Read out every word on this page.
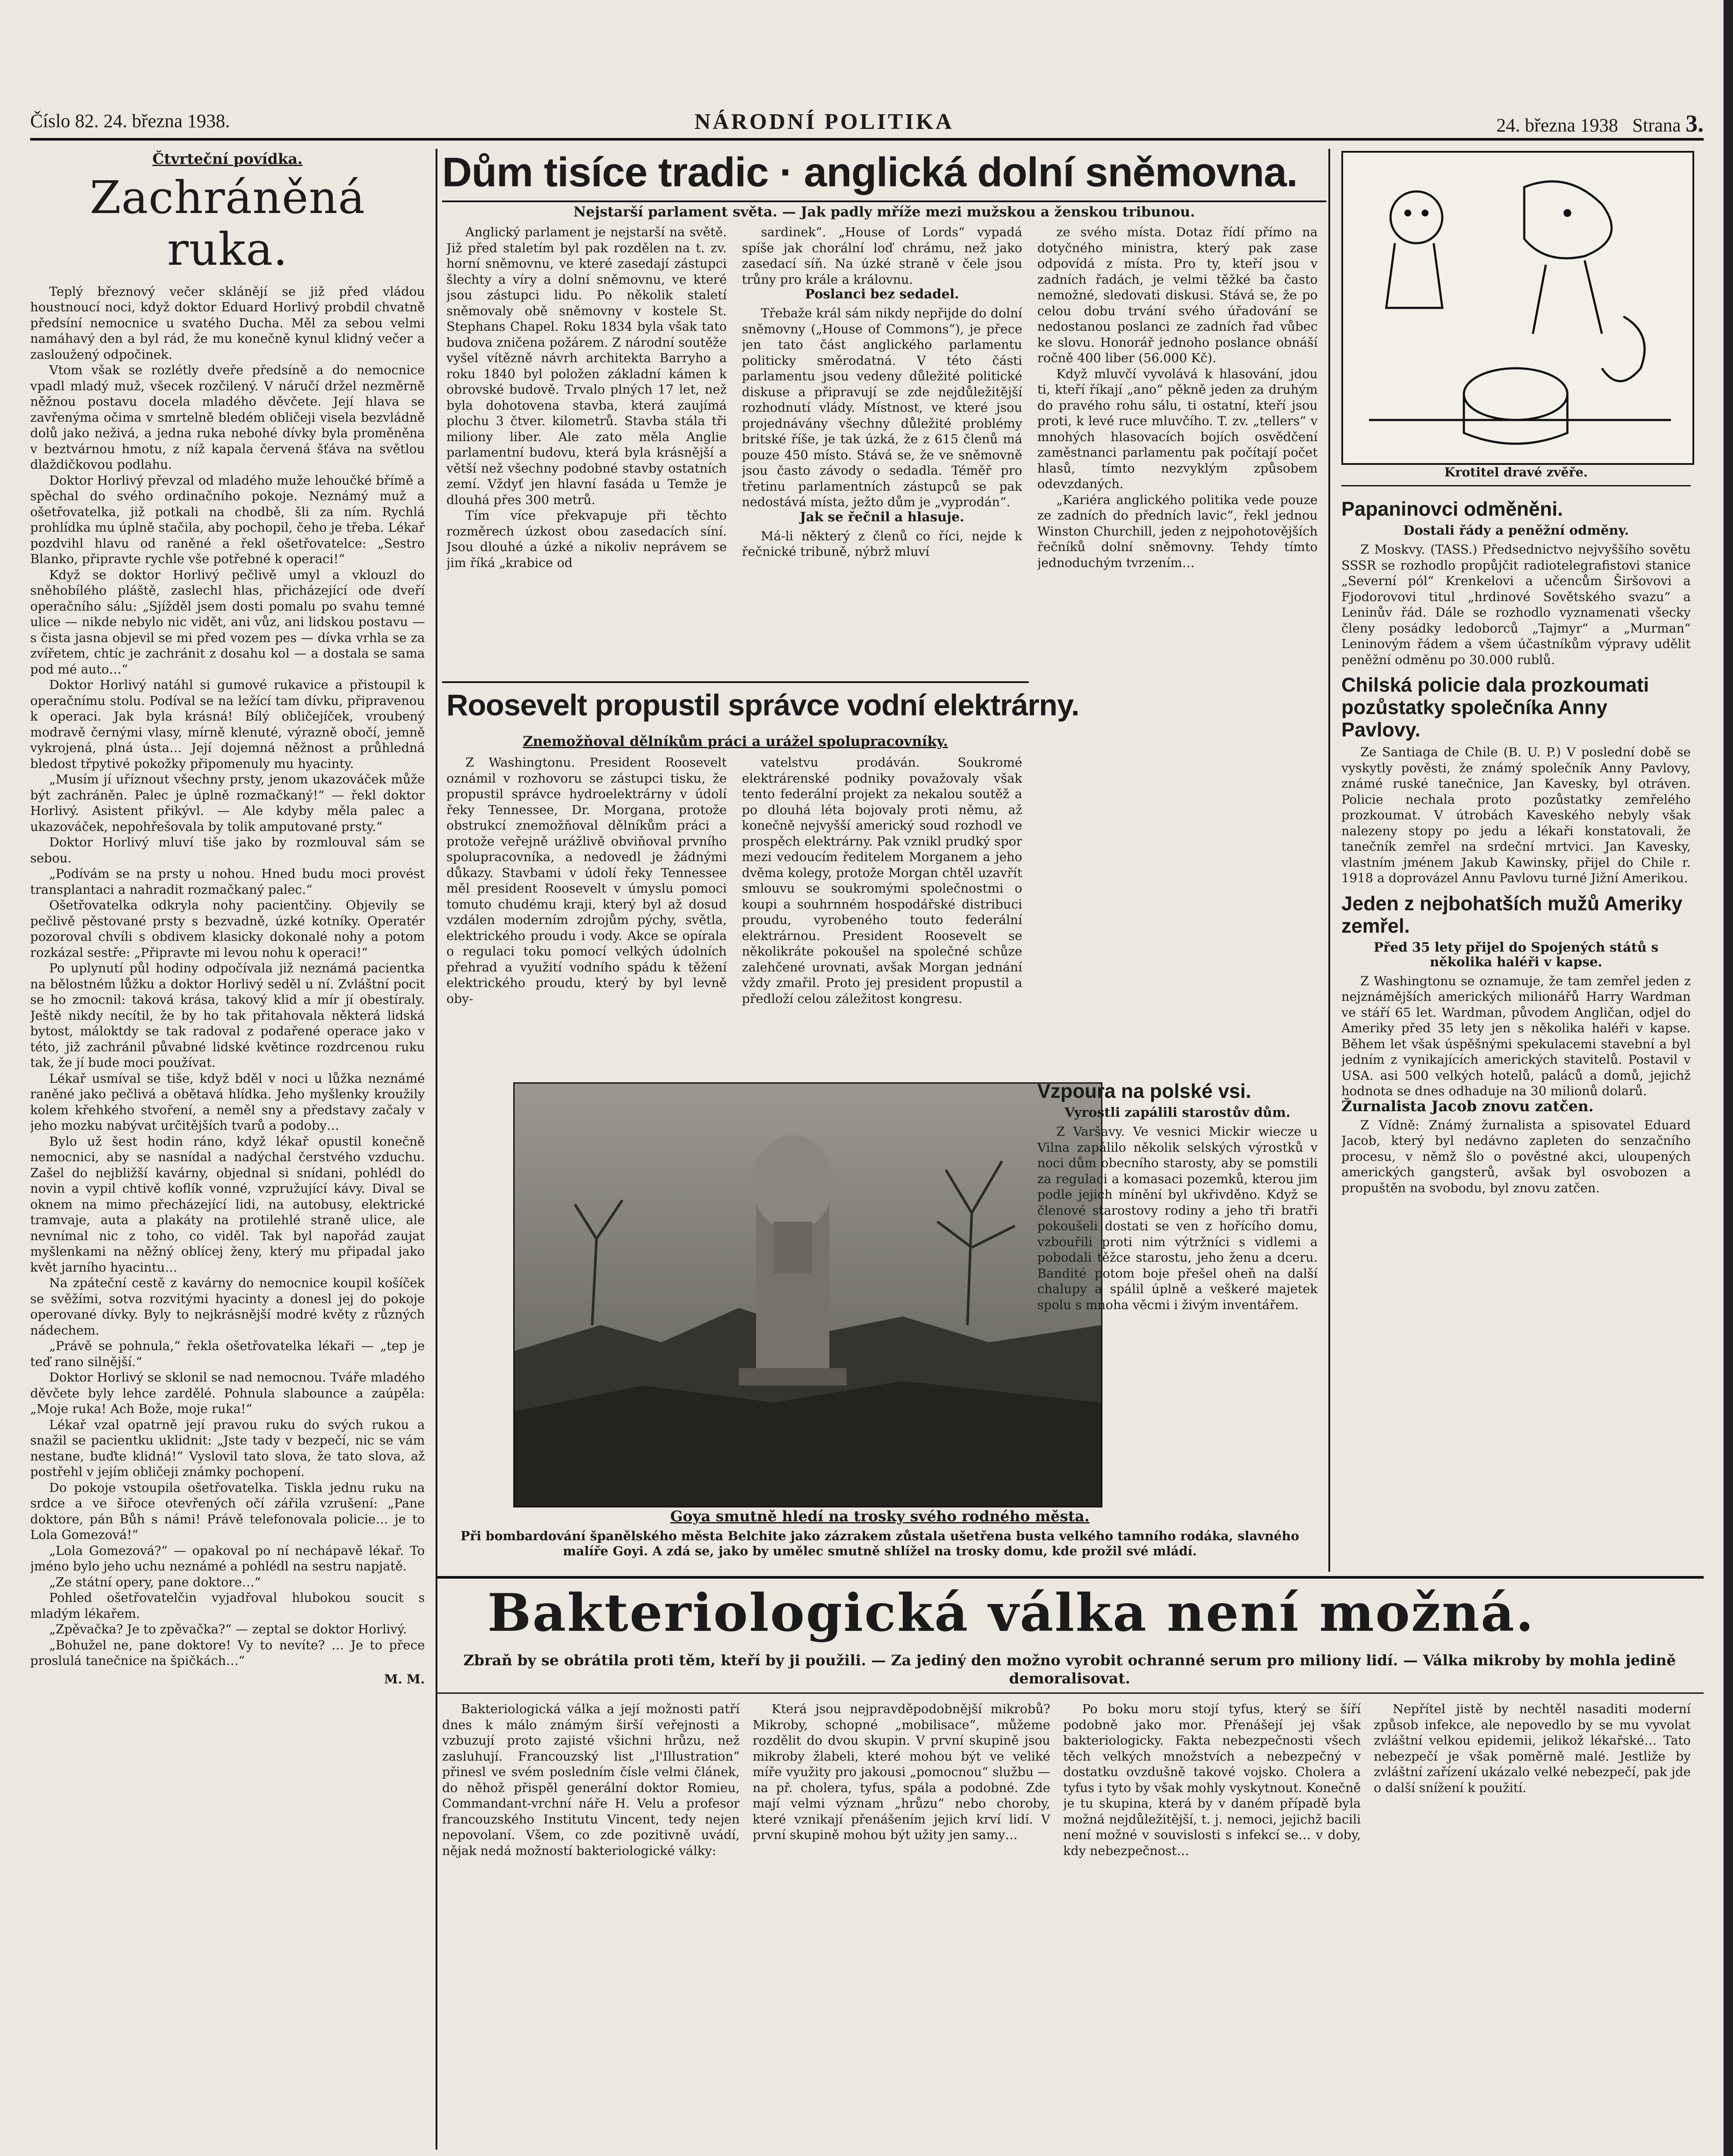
Číslo 82. 24. března 1938.	NÁRODNÍ POLITIKA	24. března 1938 Strana 3.
Čtvrteční povídka.
Zachráněná ruka.

Teplý březnový večer sklánějí se již před vládou houstnoucí noci, když doktor Eduard Horlivý probdil chvatně předsíní nemocnice u svatého Ducha. Měl za sebou velmi namáhavý den a byl rád, že mu konečně kynul klidný večer a zasloužený odpočinek.

Vtom však se rozlétly dveře předsíně a do nemocnice vpadl mladý muž, všecek rozčilený. V náručí držel nezměrně něžnou postavu docela mladého děvčete. Její hlava se zavřenýma očima v smrtelně bledém obličeji visela bezvládně dolů jako neživá, a jedna ruka nebohé dívky byla proměněna v beztvárnou hmotu, z níž kapala červená šťáva na světlou dlaždičkovou podlahu.

Doktor Horlivý převzal od mladého muže lehoučké břímě a spěchal do svého ordinačního pokoje. Neznámý muž a ošetřovatelka, již potkali na chodbě, šli za ním. Rychlá prohlídka mu úplně stačila, aby pochopil, čeho je třeba. Lékař pozdvihl hlavu od raněné a řekl ošetřovatelce: „Sestro Blanko, připravte rychle vše potřebné k operaci!“

Když se doktor Horlivý pečlivě umyl a vklouzl do sněhobílého pláště, zaslechl hlas, přicházející ode dveří operačního sálu: „Sjížděl jsem dosti pomalu po svahu temné ulice — nikde nebylo nic vidět, ani vůz, ani lidskou postavu — s čista jasna objevil se mi před vozem pes — dívka vrhla se za zvířetem, chtíc je zachránit z dosahu kol — a dostala se sama pod mé auto…“

Doktor Horlivý natáhl si gumové rukavice a přistoupil k operačnímu stolu. Podíval se na ležící tam dívku, připravenou k operaci. Jak byla krásná! Bílý obličejíček, vroubený modravě černými vlasy, mírně klenuté, výrazně obočí, jemně vykrojená, plná ústa… Její dojemná něžnost a průhledná bledost třpytivé pokožky připomenuly mu hyacinty.

„Musím jí uříznout všechny prsty, jenom ukazováček může být zachráněn. Palec je úplně rozmačkaný!“ — řekl doktor Horlivý. Asistent přikývl. — Ale kdyby měla palec a ukazováček, nepohřešovala by tolik amputované prsty.“

Doktor Horlivý mluví tiše jako by rozmlouval sám se sebou.

„Podívám se na prsty u nohou. Hned budu moci provést transplantaci a nahradit rozmačkaný palec.“

Ošetřovatelka odkryla nohy pacientčiny. Objevily se pečlivě pěstované prsty s bezvadně, úzké kotníky. Operatér pozoroval chvíli s obdivem klasicky dokonalé nohy a potom rozkázal sestře: „Připravte mi levou nohu k operaci!“

Po uplynutí půl hodiny odpočívala již neznámá pacientka na bělostném lůžku a doktor Horlivý seděl u ní. Zvláštní pocit se ho zmocnil: taková krása, takový klid a mír jí obestíraly. Ještě nikdy necítil, že by ho tak přitahovala některá lidská bytost, máloktdy se tak radoval z podařené operace jako v této, již zachránil půvabné lidské květince rozdrcenou ruku tak, že jí bude moci používat.

Lékař usmíval se tiše, když bděl v noci u lůžka neznámé raněné jako pečlivá a obětavá hlídka. Jeho myšlenky kroužily kolem křehkého stvoření, a neměl sny a představy začaly v jeho mozku nabývat určitějších tvarů a podoby…

Bylo už šest hodin ráno, když lékař opustil konečně nemocnici, aby se nasnídal a nadýchal čerstvého vzduchu. Zašel do nejbližší kavárny, objednal si snídani, pohlédl do novin a vypil chtivě koflík vonné, vzpružující kávy. Dival se oknem na mimo přecházející lidi, na autobusy, elektrické tramvaje, auta a plakáty na protilehlé straně ulice, ale nevnímal nic z toho, co viděl. Tak byl napořád zaujat myšlenkami na něžný oblícej ženy, který mu připadal jako květ jarního hyacintu…

Na zpáteční cestě z kavárny do nemocnice koupil košíček se svěžími, sotva rozvitými hyacinty a donesl jej do pokoje operované dívky. Byly to nejkrásnější modré květy z různých nádechem.

„Právě se pohnula,“ řekla ošetřovatelka lékaři — „tep je teď rano silnější.“

Doktor Horlivý se sklonil se nad nemocnou. Tváře mladého děvčete byly lehce zardělé. Pohnula slabounce a zaúpěla: „Moje ruka! Ach Bože, moje ruka!“

Lékař vzal opatrně její pravou ruku do svých rukou a snažil se pacientku uklidnit: „Jste tady v bezpečí, nic se vám nestane, buďte klidná!“ Vyslovil tato slova, že tato slova, až postřehl v jejím obličeji známky pochopení.

Do pokoje vstoupila ošetřovatelka. Tiskla jednu ruku na srdce a ve šiřoce otevřených očí zářila vzrušení: „Pane doktore, pán Bůh s námi! Právě telefonovala policie… je to Lola Gomezová!“

„Lola Gomezová?“ — opakoval po ní nechápavě lékař. To jméno bylo jeho uchu neznámé a pohlédl na sestru napjatě.

„Ze státní opery, pane doktore…“

Pohled ošetřovatelčin vyjadřoval hlubokou soucit s mladým lékařem.

„Zpěvačka? Je to zpěvačka?“ — zeptal se doktor Horlivý.

„Bohužel ne, pane doktore! Vy to nevíte? … Je to přece proslulá tanečnice na špičkách…“

M. M.
Dům tisíce tradic · anglická dolní sněmovna.
Nejstarší parlament světa. — Jak padly mříže mezi mužskou a ženskou tribunou.

Anglický parlament je nejstarší na světě. Již před staletím byl pak rozdělen na t. zv. horní sněmovnu, ve které zasedají zástupci šlechty a víry a dolní sněmovnu, ve které jsou zástupci lidu. Po několik staletí sněmovaly obě sněmovny v kostele St. Stephans Chapel. Roku 1834 byla však tato budova zničena požárem. Z národní soutěže vyšel vítězně návrh architekta Barryho a roku 1840 byl položen základní kámen k obrovské budově. Trvalo plných 17 let, než byla dohotovena stavba, která zaujímá plochu 3 čtver. kilometrů. Stavba stála tři miliony liber. Ale zato měla Anglie parlamentní budovu, která byla krásnější a větší než všechny podobné stavby ostatních zemí. Vždyť jen hlavní fasáda u Temže je dlouhá přes 300 metrů.

Tím více překvapuje při těchto rozměrech úzkost obou zasedacích síní. Jsou dlouhé a úzké a nikoliv neprávem se jim říká „krabice od

sardinek“. „House of Lords“ vypadá spíše jak chorální loď chrámu, než jako zasedací síň. Na úzké straně v čele jsou trůny pro krále a královnu.

Poslanci bez sedadel.

Třebaže král sám nikdy nepřijde do dolní sněmovny („House of Commons“), je přece jen tato část anglického parlamentu politicky směrodatná. V této části parlamentu jsou vedeny důležité politické diskuse a připravují se zde nejdůležitější rozhodnutí vlády. Místnost, ve které jsou projednávány všechny důležité problémy britské říše, je tak úzká, že z 615 členů má pouze 450 místo. Stává se, že ve sněmovně jsou často závody o sedadla. Téměř pro třetinu parlamentních zástupců se pak nedostává místa, ježto dům je „vyprodán“.

Jak se řečnil a hlasuje.

Má-li některý z členů co říci, nejde k řečnické tribuně, nýbrž mluví

ze svého místa. Dotaz řídí přímo na dotyčného ministra, který pak zase odpovídá z místa. Pro ty, kteří jsou v zadních řadách, je velmi těžké ba často nemožné, sledovati diskusi. Stává se, že po celou dobu trvání svého úřadování se nedostanou poslanci ze zadních řad vůbec ke slovu. Honorář jednoho poslance obnáší ročně 400 liber (56.000 Kč).

Když mluvčí vyvolává k hlasování, jdou ti, kteří říkají „ano“ pěkně jeden za druhým do pravého rohu sálu, ti ostatní, kteří jsou proti, k levé ruce mluvčího. T. zv. „tellers“ v mnohých hlasovacích bojích osvědčení zaměstnanci parlamentu pak počítají počet hlasů, tímto nezvyklým způsobem odevzdaných.

„Kariéra anglického politika vede pouze ze zadních do předních lavic“, řekl jednou Winston Churchill, jeden z nejpohotovějších řečníků dolní sněmovny. Tehdy tímto jednoduchým tvrzením…

Roosevelt propustil správce vodní elektrárny.
Znemožňoval dělníkům práci a urážel spolupracovníky.

Z Washingtonu. President Roosevelt oznámil v rozhovoru se zástupci tisku, že propustil správce hydroelektrárny v údolí řeky Tennessee, Dr. Morgana, protože obstrukcí znemožňoval dělníkům práci a protože veřejně urážlivě obviňoval prvního spolupracovníka, a nedovedl je žádnými důkazy. Stavbami v údolí řeky Tennessee měl president Roosevelt v úmyslu pomoci tomuto chudému kraji, který byl až dosud vzdálen moderním zdrojům pýchy, světla, elektrického proudu i vody. Akce se opírala o regulaci toku pomocí velkých údolních přehrad a využití vodního spádu k těžení elektrického proudu, který by byl levně oby-

vatelstvu prodáván. Soukromé elektrárenské podniky považovaly však tento federální projekt za nekalou soutěž a po dlouhá léta bojovaly proti němu, až konečně nejvyšší americký soud rozhodl ve prospěch elektrárny. Pak vznikl prudký spor mezi vedoucím ředitelem Morganem a jeho dvěma kolegy, protože Morgan chtěl uzavřít smlouvu se soukromými společnostmi o koupi a souhrnném hospodářské distribuci proudu, vyrobeného touto federální elektrárnou. President Roosevelt se několikráte pokoušel na společné schůze zalehčené urovnati, avšak Morgan jednání vždy zmařil. Proto jej president propustil a předloží celou záležitost kongresu.

Goya smutně hledí na trosky svého rodného města.
Při bombardování španělského města Belchite jako zázrakem zůstala ušetřena busta velkého tamního rodáka, slavného malíře Goyi. A zdá se, jako by umělec smutně shlížel na trosky domu, kde prožil své mládí.
Krotitel dravé zvěře.
Papaninovci odměněni.
Dostali řády a peněžní odměny.

Z Moskvy. (TASS.) Předsednictvo nejvyššího sovětu SSSR se rozhodlo propůjčit radiotelegrafistovi stanice „Severní pól“ Krenkelovi a učencům Širšovovi a Fjodorovovi titul „hrdinové Sovětského svazu“ a Leninův řád. Dále se rozhodlo vyznamenati všecky členy posádky ledoborců „Tajmyr“ a „Murman“ Leninovým řádem a všem účastníkům výpravy udělit peněžní odměnu po 30.000 rublů.

Chilská policie dala prozkoumati pozůstatky společníka Anny Pavlovy.

Ze Santiaga de Chile (B. U. P.) V poslední době se vyskytly pověsti, že známý společník Anny Pavlovy, známé ruské tanečnice, Jan Kavesky, byl otráven. Policie nechala proto pozůstatky zemřelého prozkoumat. V útrobách Kaveského nebyly však nalezeny stopy po jedu a lékaři konstatovali, že tanečník zemřel na srdeční mrtvici. Jan Kavesky, vlastním jménem Jakub Kawinsky, přijel do Chile r. 1918 a doprovázel Annu Pavlovu turné Jižní Amerikou.

Jeden z nejbohatších mužů Ameriky zemřel.
Před 35 lety přijel do Spojených států s několika haléři v kapse.

Z Washingtonu se oznamuje, že tam zemřel jeden z nejznámějších amerických milionářů Harry Wardman ve stáří 65 let. Wardman, původem Angličan, odjel do Ameriky před 35 lety jen s několika haléři v kapse. Během let však úspěšnými spekulacemi stavební a byl jedním z vynikajících amerických stavitelů. Postavil v USA. asi 500 velkých hotelů, paláců a domů, jejichž hodnota se dnes odhaduje na 30 milionů dolarů.

Žurnalista Jacob znovu zatčen.

Z Vídně: Známý žurnalista a spisovatel Eduard Jacob, který byl nedávno zapleten do senzačního procesu, v němž šlo o pověstné akci, uloupených amerických gangsterů, avšak byl osvobozen a propuštěn na svobodu, byl znovu zatčen.

Vzpoura na polské vsi.
Vyrostli zapálili starostův dům.

Z Varšavy. Ve vesnici Mickir wiecze u Vilna zapálilo několik selských výrostků v noci dům obecního starosty, aby se pomstili za regulaci a komasaci pozemků, kterou jim podle jejich mínění byl ukřivděno. Když se členové starostovy rodiny a jeho tři bratři pokoušeli dostati se ven z hořícího domu, vzbouřili proti nim výtržníci s vidlemi a pobodali těžce starostu, jeho ženu a dceru. Bandité potom boje přešel oheň na další chalupy a spálil úplně a veškeré majetek spolu s mnoha věcmi i živým inventářem.

Bakteriologická válka není možná.
Zbraň by se obrátila proti těm, kteří by ji použili. — Za jediný den možno vyrobit ochranné serum pro miliony lidí. — Válka mikroby by mohla jedině demoralisovat.

Bakteriologická válka a její možnosti patří dnes k málo známým širší veřejnosti a vzbuzují proto zajisté všichni hrůzu, než zasluhují. Francouzský list „l'Illustration“ přinesl ve svém posledním čísle velmi článek, do něhož přispěl generální doktor Romieu, Commandant-vrchní náře H. Velu a profesor francouzského Institutu Vincent, tedy nejen nepovolaní. Všem, co zde pozitivně uvádí, nějak nedá možností bakteriologické války:

Která jsou nejpravděpodobnější mikrobů? Mikroby, schopné „mobilisace“, můžeme rozdělit do dvou skupin. V první skupině jsou mikroby žlabeli, které mohou být ve veliké míře využity pro jakousi „pomocnou“ službu — na př. cholera, tyfus, spála a podobné. Zde mají velmi význam „hrůzu“ nebo choroby, které vznikají přenášením jejich krví lidí. V první skupině mohou být užity jen samy…

Po boku moru stojí tyfus, který se šíří podobně jako mor. Přenášejí jej však bakteriologicky. Fakta nebezpečnosti všech těch velkých množstvích a nebezpečný v dostatku ovzdušně takové vojsko. Cholera a tyfus i tyto by však mohly vyskytnout. Konečně je tu skupina, která by v daném případě byla možná nejdůležitější, t. j. nemoci, jejichž bacili není možné v souvislosti s infekcí se… v doby, kdy nebezpečnost…

Nepřítel jistě by nechtěl nasaditi moderní způsob infekce, ale nepovedlo by se mu vyvolat zvláštní velkou epidemii, jelikož lékařské… Tato nebezpečí je však poměrně malé. Jestliže by zvláštní zařízení ukázalo velké nebezpečí, pak jde o další snížení k použití.
